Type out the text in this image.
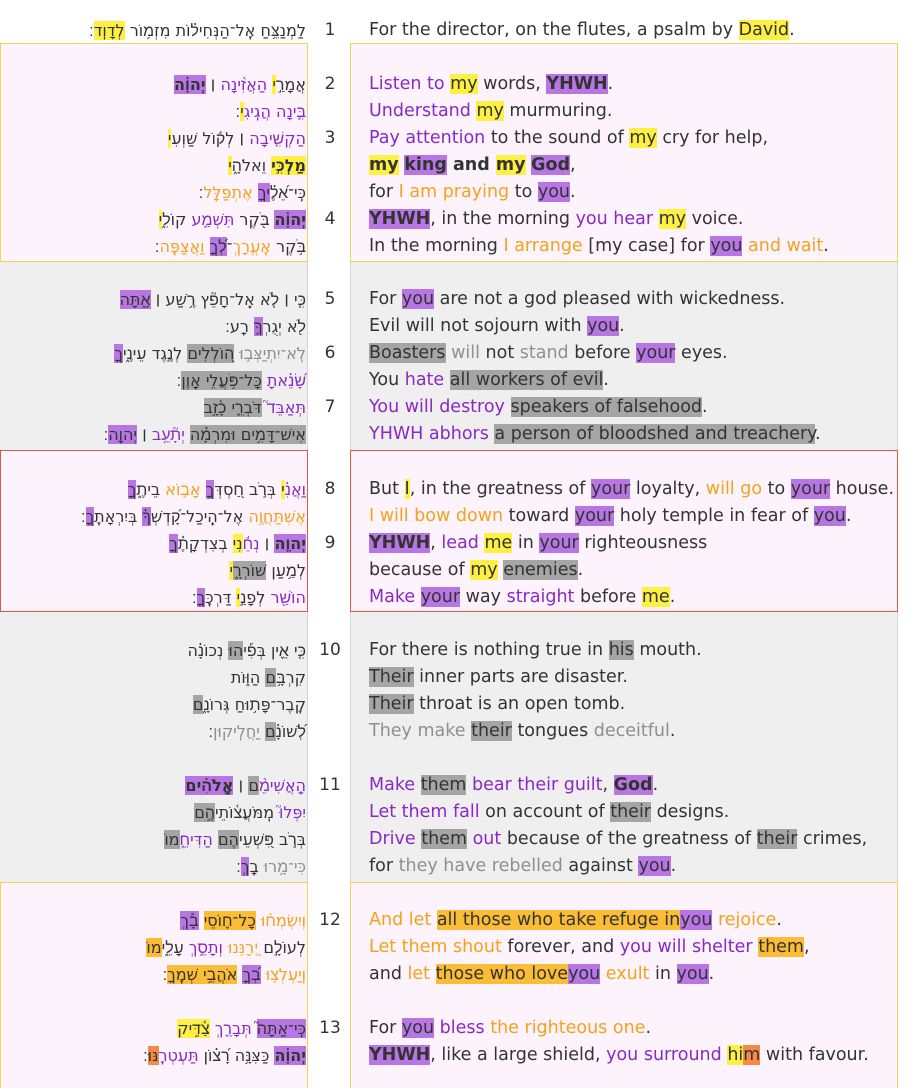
1
לַמְנַצֵּ֥חַ אֶֽל־הַנְּחִיל֗וֹת מִזְמ֥וֹר לְדָוִֽד׃	For the director, on the flutes, a psalm by David.
2
אֲמָרַ֣י הַאֲזִ֨ינָה ׀ יְהוָ֗ה
בִּ֣ינָה הֲגִֽיגִי׃
Listen to my words, YHWH.
Understand my murmuring.
3
הַקְשִׁ֤יבָה ׀ לְק֬וֹל שַׁוְעִי
מַלְכִּ֣י וֵאלֹהָ֑י
כִּֽי־אֵ֝לֶ֗יךָ אֶתְפַּלָּֽל׃
Pay attention to the sound of my cry for help,
my king and my God,
for I am praying to you.
4
יְהוָ֗ה בֹּ֖קֶר תִּשְׁמַ֣ע קוֹלִ֑י
בֹּ֥קֶר אֶֽעֱרָךְ־לְ֝ךָ וַאֲצַפֶּֽה׃
YHWH, in the morning you hear my voice.
In the morning I arrange [my case] for you and wait.
5
כִּ֤י ׀ לֹ֤א אֵֽל־חָפֵ֘ץ רֶ֥שַׁע ׀ אָ֑תָּה
לֹ֖א יְגֻרְךָ֣ רָֽע׃
For you are not a god pleased with wickedness.
Evil will not sojourn with you.
6
לֹֽא־יִתְיַצְּב֣וּ ה֭וֹלְלִים לְנֶ֣גֶד עֵינֶ֑יךָ
שָׂ֝נֵ֗אתָ כָּל־פֹּ֥עֲלֵי אָֽוֶן׃
Boasters will not stand before your eyes.
You hate all workers of evil.
7
תְּאַבֵּד֮ דֹּבְרֵ֪י כָ֫זָ֥ב
אִישׁ־דָּמִ֥ים וּמִרְמָ֗ה יְתָ֘עֵ֥ב ׀ יְהוָֽה׃
You will destroy speakers of falsehood.
YHWH abhors a person of bloodshed and treachery.
8
וַאֲנִ֗י בְּרֹ֣ב חַ֭סְדְּךָ אָב֣וֹא בֵיתֶ֑ךָ
אֶשְׁתַּחֲוֶ֥ה אֶל־הֵֽיכַל־קָ֝דְשְׁךָ֗ בְּיִרְאָתֶֽךָ׃
But I, in the greatness of your loyalty, will go to your house.
I will bow down toward your holy temple in fear of you.
9
יְהוָ֤ה ׀ נְחֵ֬נִי בְצִדְקָתֶ֗ךָ
לְמַ֥עַן שׁוֹרְרָ֑י
הוֹשַׁ֖ר לְפָנַ֣י דַּרְכֶּֽךָ׃
YHWH, lead me in your righteousness
because of my enemies.
Make your way straight before me.
10
כִּ֤י אֵ֪ין בְּפִ֡יהוּ נְכוֹנָ֗ה
קִרְבָּ֥ם הַוּ֑וֹת
קֶֽבֶר־פָּת֥וּחַ גְּרוֹנָ֑ם
לְ֝שׁוֹנָ֗ם יַחֲלִֽיקוּן׃
For there is nothing true in his mouth.
Their inner parts are disaster.
Their throat is an open tomb.
They make their tongues deceitful.
11
הַֽאֲשִׁימֵ֨ם ׀ אֱֽלֹהִ֗ים
יִפְּלוּ֮ מִֽמֹּעֲצ֫וֹתֵיהֶ֥ם
בְּרֹ֣ב פִּ֭שְׁעֵיהֶם הַדִּיחֵ֑מוֹ
כִּי־מָ֥רוּ בָֽךְ׃
Make them bear their guilt, God.
Let them fall on account of their designs.
Drive them out because of the greatness of their crimes,
for they have rebelled against you.
12
וְיִשְׂמְח֨וּ כָל־ח֪וֹסֵי בָ֡ךְ
לְעוֹלָ֣ם יְ֭רַנֵּנוּ וְתָסֵ֣ךְ עָלֵ֑ימוֹ
וְֽיַעְלְצ֥וּ בְ֝ךָ אֹהֲבֵ֥י שְׁמֶֽךָ׃
And let all those who take refuge inyou rejoice.
Let them shout forever, and you will shelter them,
and let those who loveyou exult in you.
13
כִּֽי־אַתָּה֮ תְּבָרֵ֪ךְ צַ֫דִּ֥יק
יְהוָ֗ה כַּצִּנָּ֥ה רָ֝צ֗וֹן תַּעְטְרֶֽנּוּ׃
For you bless the righteous one.
YHWH, like a large shield, you surround him with favour.
